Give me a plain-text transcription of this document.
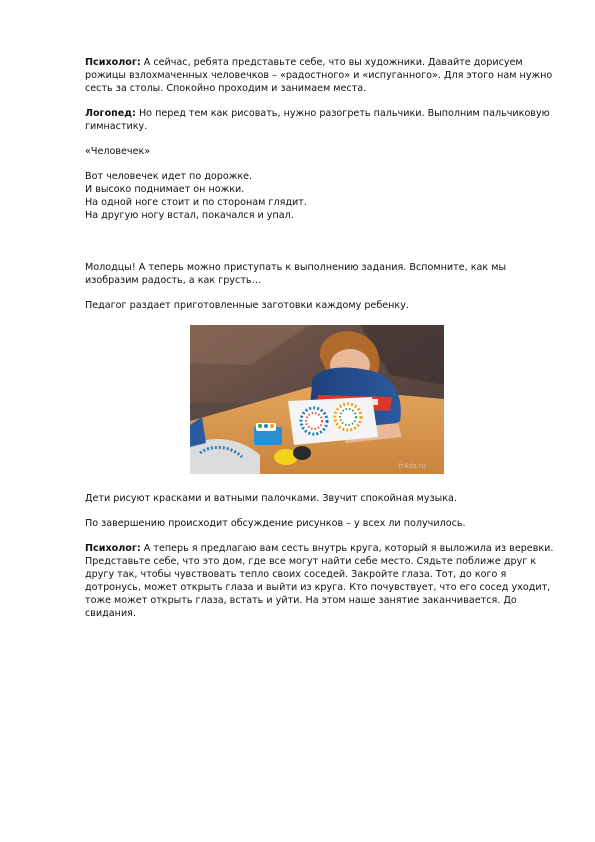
Психолог: А сейчас, ребята представьте себе, что вы художники. Давайте дорисуем рожицы взлохмаченных человечков – «радостного» и «испуганного». Для этого нам нужно сесть за столы. Спокойно проходим и занимаем места.

Логопед: Но перед тем как рисовать, нужно разогреть пальчики. Выполним пальчиковую гимнастику.

«Человечек»

Вот человечек идет по дорожке.

И высоко поднимает он ножки.

На одной ноге стоит и по сторонам глядит.

На другую ногу встал, покачался и упал.

Молодцы! А теперь можно приступать к выполнению задания. Вспомните, как мы изобразим радость, а как грусть…

Педагог раздает приготовленные заготовки каждому ребенку.

fr4ds.ru

Дети рисуют красками и ватными палочками. Звучит спокойная музыка.

По завершению происходит обсуждение рисунков – у всех ли получилось.

Психолог: А теперь я предлагаю вам сесть внутрь круга, который я выложила из веревки. Представьте себе, что это дом, где все могут найти себе место. Сядьте поближе друг к другу так, чтобы чувствовать тепло своих соседей. Закройте глаза. Тот, до кого я дотронусь, может открыть глаза и выйти из круга. Кто почувствует, что его сосед уходит, тоже может открыть глаза, встать и уйти. На этом наше занятие заканчивается. До свидания.
